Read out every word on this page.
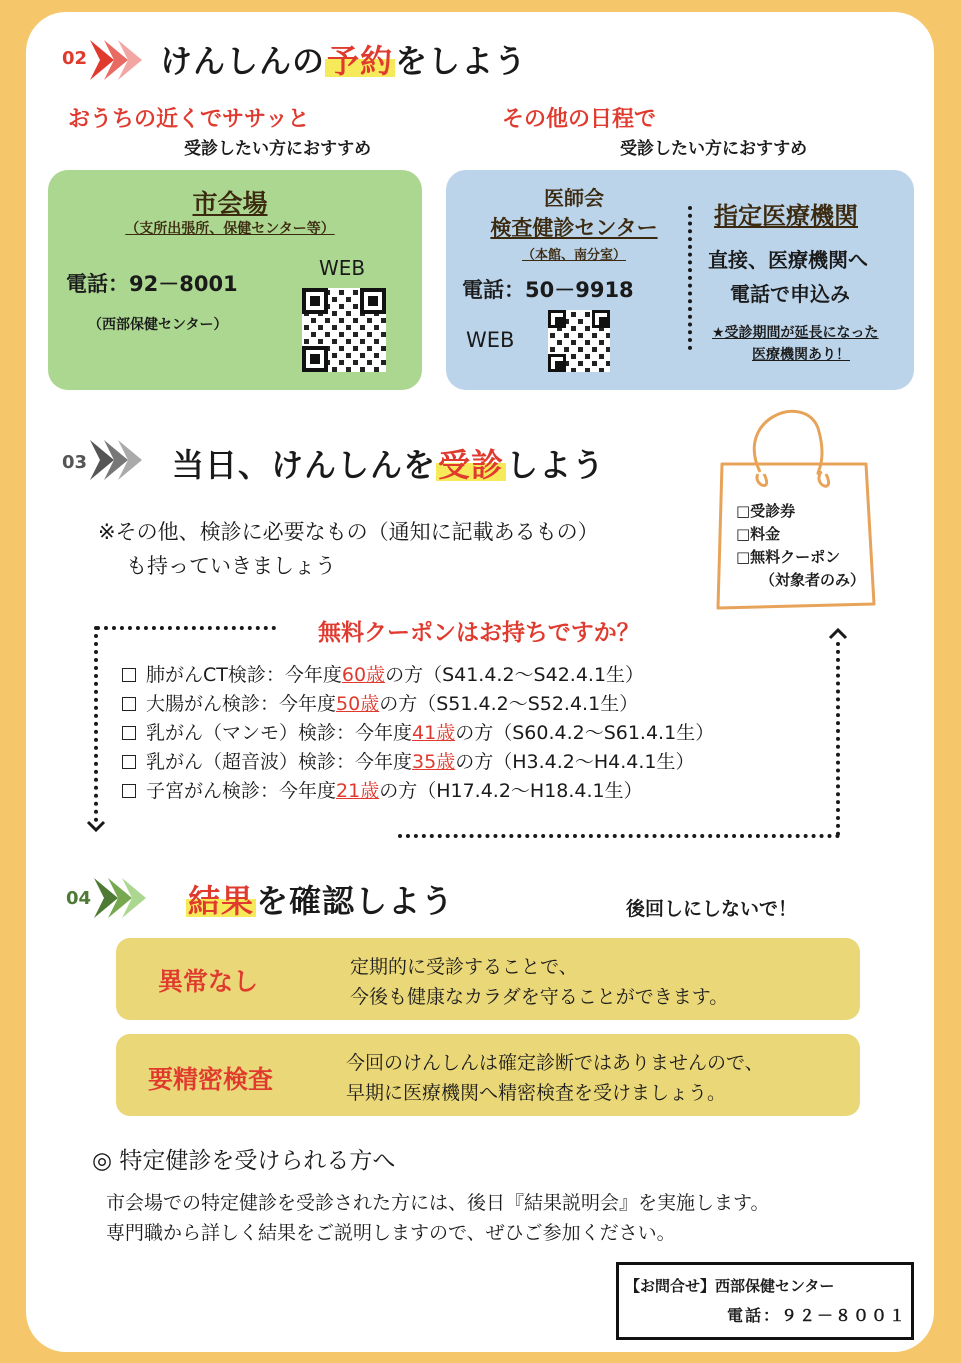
02 けんしんの予約をしよう
おうちの近くでササッと
受診したい方におすすめ
その他の日程で
受診したい方におすすめ
市会場
（支所出張所、保健センター等）
電話：92－8001
（西部保健センター）
WEB
医師会
検査健診センター
（本館、南分室）
電話：50－9918
WEB
指定医療機関
直接、医療機関へ
電話で申込み
★受診期間が延長になった
医療機関あり！
03	当日、けんしんを受診しよう
※その他、検診に必要なもの（通知に記載あるもの）
も持っていきましょう
□受診券
□料金
□無料クーポン
（対象者のみ）
無料クーポンはお持ちですか？
肺がんCT検診：今年度60歳の方（S41.4.2～S42.4.1生）
大腸がん検診：今年度50歳の方（S51.4.2～S52.4.1生）
乳がん（マンモ）検診：今年度41歳の方（S60.4.2～S61.4.1生）
乳がん（超音波）検診：今年度35歳の方（H3.4.2～H4.4.1生）
子宮がん検診：今年度21歳の方（H17.4.2～H18.4.1生）
04	結果を確認しよう	後回しにしないで！
異常なし	定期的に受診することで、
今後も健康なカラダを守ることができます。
要精密検査
今回のけんしんは確定診断ではありませんので、
早期に医療機関へ精密検査を受けましょう。
◎ 特定健診を受けられる方へ
市会場での特定健診を受診された方には、後日『結果説明会』を実施します。
専門職から詳しく結果をご説明しますので、ぜひご参加ください。
【お問合せ】西部保健センター
電話：９２－８００１
